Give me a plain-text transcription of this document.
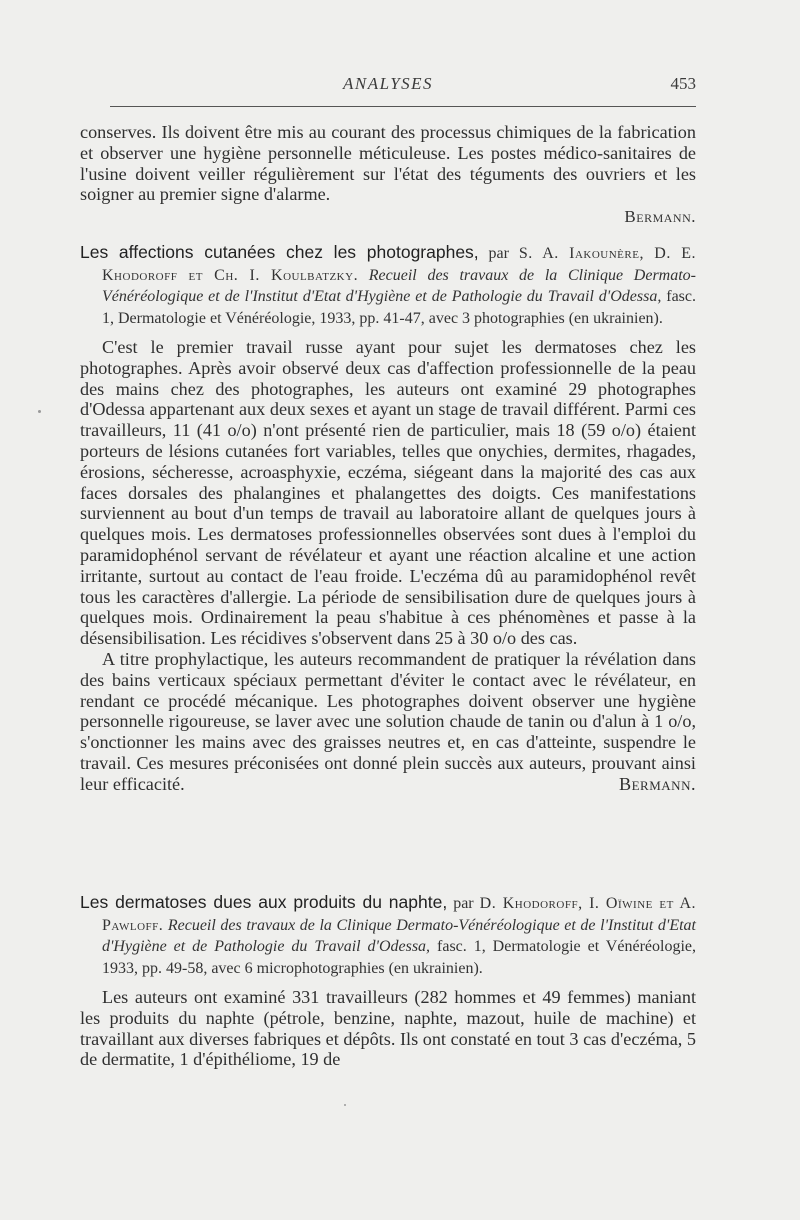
ANALYSES	453

conserves. Ils doivent être mis au courant des processus chimiques de la fabrication et observer une hygiène personnelle méticuleuse. Les postes médico-sanitaires de l'usine doivent veiller régulièrement sur l'état des téguments des ouvriers et les soigner au premier signe d'alarme.

Bermann.

Les affections cutanées chez les photographes, par S. A. Iakounère, D. E. Khodoroff et Ch. I. Koulbatzky. Recueil des travaux de la Clinique Dermato-Vénéréologique et de l'Institut d'Etat d'Hygiène et de Pathologie du Travail d'Odessa, fasc. 1, Dermatologie et Vénéréologie, 1933, pp. 41-47, avec 3 photographies (en ukrainien).

C'est le premier travail russe ayant pour sujet les dermatoses chez les photographes. Après avoir observé deux cas d'affection professionnelle de la peau des mains chez des photographes, les auteurs ont examiné 29 photographes d'Odessa appartenant aux deux sexes et ayant un stage de travail différent. Parmi ces travailleurs, 11 (41 o/o) n'ont présenté rien de particulier, mais 18 (59 o/o) étaient porteurs de lésions cutanées fort variables, telles que onychies, dermites, rhagades, érosions, sécheresse, acroasphyxie, eczéma, siégeant dans la majorité des cas aux faces dorsales des phalangines et phalangettes des doigts. Ces manifestations surviennent au bout d'un temps de travail au laboratoire allant de quelques jours à quelques mois. Les dermatoses professionnelles observées sont dues à l'emploi du paramidophénol servant de révélateur et ayant une réaction alcaline et une action irritante, surtout au contact de l'eau froide. L'eczéma dû au paramidophénol revêt tous les caractères d'allergie. La période de sensibilisation dure de quelques jours à quelques mois. Ordinairement la peau s'habitue à ces phénomènes et passe à la désensibilisation. Les récidives s'observent dans 25 à 30 o/o des cas.

A titre prophylactique, les auteurs recommandent de pratiquer la révélation dans des bains verticaux spéciaux permettant d'éviter le contact avec le révélateur, en rendant ce procédé mécanique. Les photographes doivent observer une hygiène personnelle rigoureuse, se laver avec une solution chaude de tanin ou d'alun à 1 o/o, s'onctionner les mains avec des graisses neutres et, en cas d'atteinte, suspendre le travail. Ces mesures préconisées ont donné plein succès aux auteurs, prouvant ainsi leur efficacité.	Bermann.

Les dermatoses dues aux produits du naphte, par D. Khodoroff, I. Oïwine et A. Pawloff. Recueil des travaux de la Clinique Dermato-Vénéréologique et de l'Institut d'Etat d'Hygiène et de Pathologie du Travail d'Odessa, fasc. 1, Dermatologie et Vénéréologie, 1933, pp. 49-58, avec 6 microphotographies (en ukrainien).

Les auteurs ont examiné 331 travailleurs (282 hommes et 49 femmes) maniant les produits du naphte (pétrole, benzine, naphte, mazout, huile de machine) et travaillant aux diverses fabriques et dépôts. Ils ont constaté en tout 3 cas d'eczéma, 5 de dermatite, 1 d'épithéliome, 19 de
